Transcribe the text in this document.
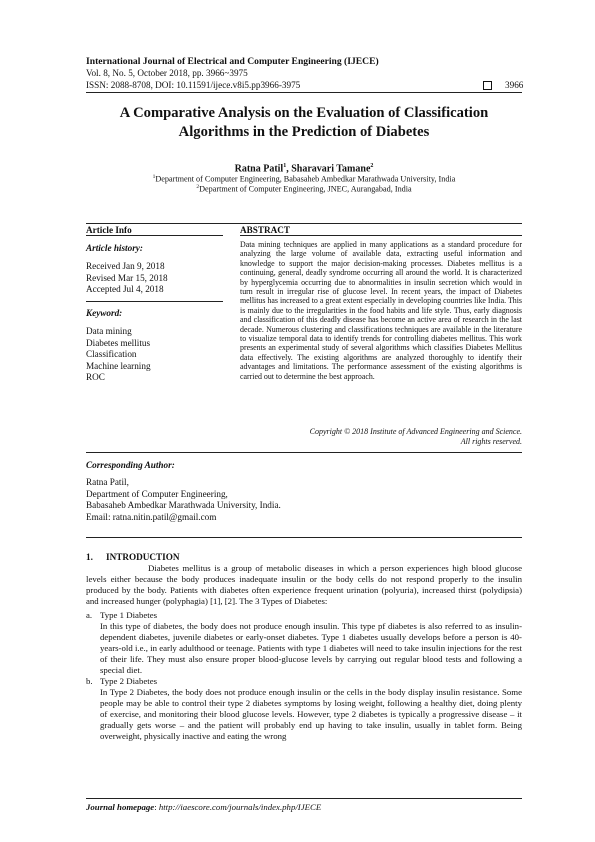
International Journal of Electrical and Computer Engineering (IJECE)
Vol. 8, No. 5, October 2018, pp. 3966~3975
ISSN: 2088-8708, DOI: 10.11591/ijece.v8i5.pp3966-3975	3966
A Comparative Analysis on the Evaluation of Classification
Algorithms in the Prediction of Diabetes
Ratna Patil$^1$, Sharavari Tamane$^2$
$^1$Department of Computer Engineering, Babasaheb Ambedkar Marathwada University, India
$^2$Department of Computer Engineering, JNEC, Aurangabad, India
Article Info
Article history:
Received Jan 9, 2018
Revised Mar 15, 2018
Accepted Jul 4, 2018
Keyword:
Data mining
Diabetes mellitus
Classification
Machine learning
ROC
ABSTRACT
Data mining techniques are applied in many applications as a standard procedure for analyzing the large volume of available data, extracting useful information and knowledge to support the major decision-making processes. Diabetes mellitus is a continuing, general, deadly syndrome occurring all around the world. It is characterized by hyperglycemia occurring due to abnormalities in insulin secretion which would in turn result in irregular rise of glucose level. In recent years, the impact of Diabetes mellitus has increased to a great extent especially in developing countries like India. This is mainly due to the irregularities in the food habits and life style. Thus, early diagnosis and classification of this deadly disease has become an active area of research in the last decade. Numerous clustering and classifications techniques are available in the literature to visualize temporal data to identify trends for controlling diabetes mellitus. This work presents an experimental study of several algorithms which classifies Diabetes Mellitus data effectively. The existing algorithms are analyzed thoroughly to identify their advantages and limitations. The performance assessment of the existing algorithms is carried out to determine the best approach.
Copyright © 2018 Institute of Advanced Engineering and Science.
All rights reserved.
Corresponding Author:
Ratna Patil,
Department of Computer Engineering,
Babasaheb Ambedkar Marathwada University, India.
Email: ratna.nitin.patil@gmail.com
1. INTRODUCTION
Diabetes mellitus is a group of metabolic diseases in which a person experiences high blood glucose levels either because the body produces inadequate insulin or the body cells do not respond properly to the insulin produced by the body. Patients with diabetes often experience frequent urination (polyuria), increased thirst (polydipsia) and increased hunger (polyphagia) [1], [2]. The 3 Types of Diabetes:
a. Type 1 Diabetes
In this type of diabetes, the body does not produce enough insulin. This type pf diabetes is also referred to as insulin-dependent diabetes, juvenile diabetes or early-onset diabetes. Type 1 diabetes usually develops before a person is 40-years-old i.e., in early adulthood or teenage. Patients with type 1 diabetes will need to take insulin injections for the rest of their life. They must also ensure proper blood-glucose levels by carrying out regular blood tests and following a special diet.
b. Type 2 Diabetes
In Type 2 Diabetes, the body does not produce enough insulin or the cells in the body display insulin resistance. Some people may be able to control their type 2 diabetes symptoms by losing weight, following a healthy diet, doing plenty of exercise, and monitoring their blood glucose levels. However, type 2 diabetes is typically a progressive disease – it gradually gets worse – and the patient will probably end up having to take insulin, usually in tablet form. Being overweight, physically inactive and eating the wrong
Journal homepage: http://iaescore.com/journals/index.php/IJECE
